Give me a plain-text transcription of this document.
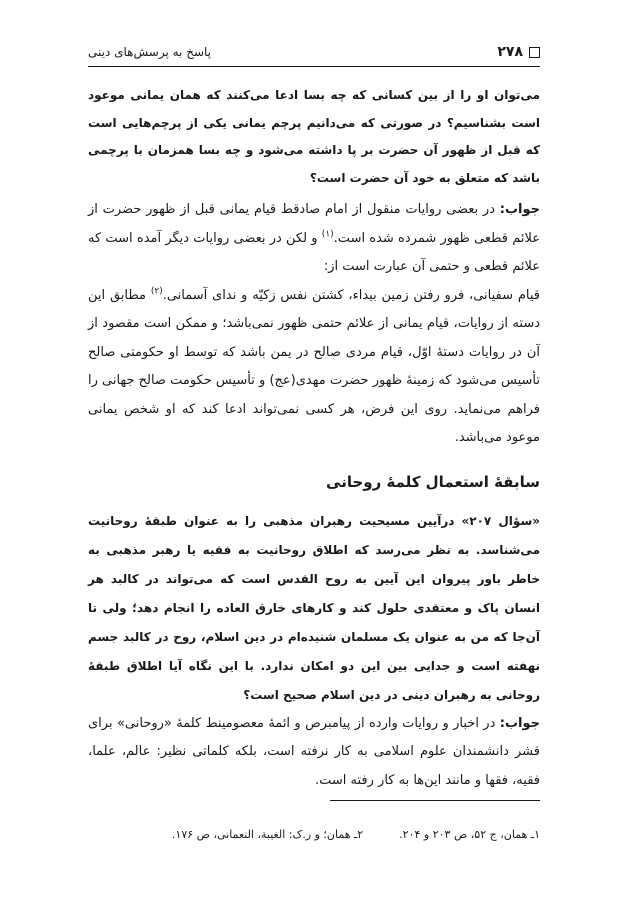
۲۷۸
پاسخ به پرسش‌های دینی

می‌توان او را از بین کسانی که چه بسا ادعا می‌کنند که همان یمانی موعود است بشناسیم؟ در صورتی که می‌دانیم پرچم یمانی یکی از پرچم‌هایی است که قبل از ظهور آن حضرت بر پا داشته می‌شود و چه بسا همزمان با پرچمی باشد که متعلق به خود آن حضرت است؟

جواب: در بعضی روایات منقول از امام صادقط قیام یمانی قبل از ظهور حضرت از علائم قطعی ظهور شمرده شده است.$^{(۱)}$ و لکن در بعضی روایات دیگر آمده است که علائم قطعی و حتمی آن عبارت است از:

قیام سفیانی، فرو رفتن زمین بیداء، کشتن نفس زکیّه و ندای آسمانی.$^{(۲)}$ مطابق این دسته از روایات، قیام یمانی از علائم حتمی ظهور نمی‌باشد؛ و ممکن است مقصود از آن در روایات دستهٔ اوّل، قیام مردی صالح در یمن باشد که توسط او حکومتی صالح تأسیس می‌شود که زمینهٔ ظهور حضرت مهدی(عج) و تأسیس حکومت صالح جهانی را فراهم می‌نماید. روی این فرض، هر کسی نمی‌تواند ادعا کند که او شخص یمانی موعود می‌باشد.

سابقهٔ استعمال کلمهٔ روحانی

«سؤال ۲۰۷» درآیین مسیحیت رهبران مذهبی را به عنوان طبقهٔ روحانیت می‌شناسد. به نظر می‌رسد که اطلاق روحانیت به فقیه یا رهبر مذهبی به خاطر باور پیروان این آیین به روح القدس است که می‌تواند در کالبد هر انسان پاک و معتقدی حلول کند و کارهای خارق العاده را انجام دهد؛ ولی تا آن‌جا که من به عنوان یک مسلمان شنیده‌ام در دین اسلام، روح در کالبد جسم نهفته است و جدایی بین این دو امکان ندارد. با این نگاه آیا اطلاق طبقهٔ روحانی به رهبران دینی در دین اسلام صحیح است؟

جواب: در اخبار و روایات وارده از پیامبرص و ائمهٔ معصومینط کلمهٔ «روحانی» برای قشر دانشمندان علوم اسلامی به کار نرفته است، بلکه کلماتی نظیر: عالم، علما، فقیه، فقها و مانند این‌ها به کار رفته است.

۱ـ همان، ج ۵۲، ص ۲۰۳ و ۲۰۴.
۲ـ همان؛ و ر.ک: الغیبة، النعمانی، ص ۱۷۶.
